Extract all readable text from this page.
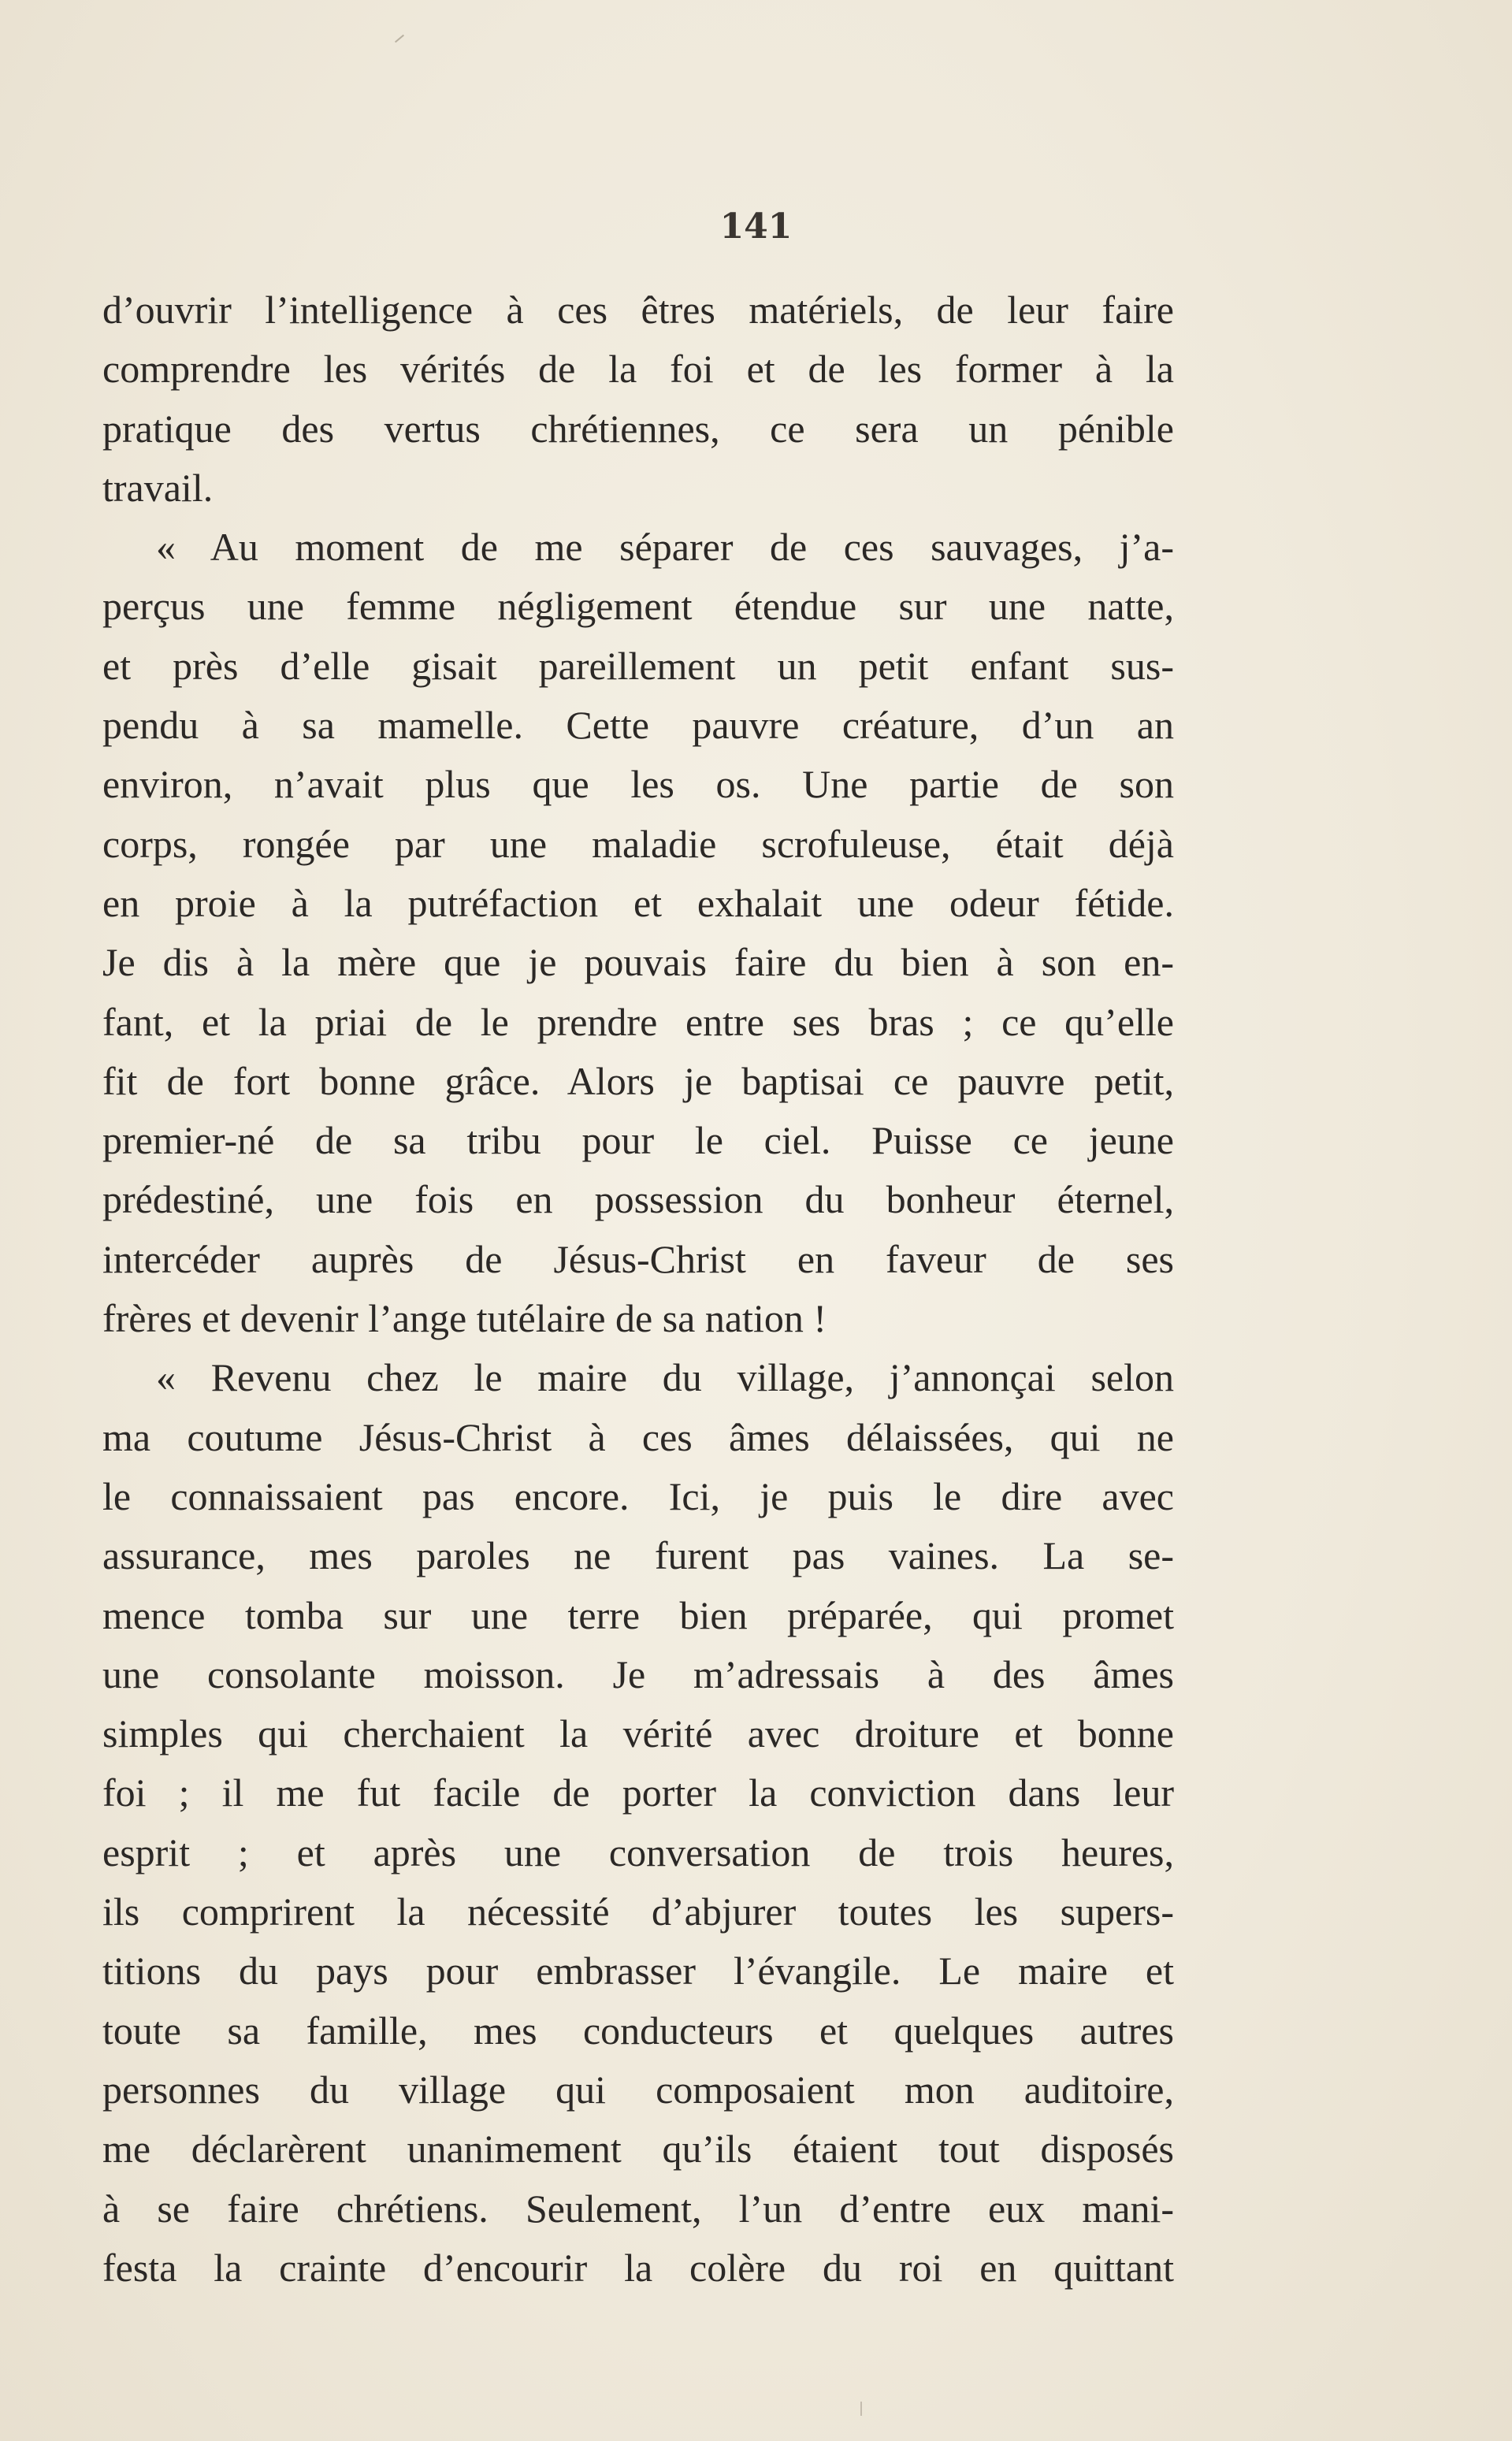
141

d’ouvrir l’intelligence à ces êtres matériels, de leur faire
comprendre les vérités de la foi et de les former à la
pratique des vertus chrétiennes, ce sera un pénible
travail.
« Au moment de me séparer de ces sauvages, j’a-
perçus une femme négligement étendue sur une natte,
et près d’elle gisait pareillement un petit enfant sus-
pendu à sa mamelle. Cette pauvre créature, d’un an
environ, n’avait plus que les os. Une partie de son
corps, rongée par une maladie scrofuleuse, était déjà
en proie à la putréfaction et exhalait une odeur fétide.
Je dis à la mère que je pouvais faire du bien à son en-
fant, et la priai de le prendre entre ses bras ; ce qu’elle
fit de fort bonne grâce. Alors je baptisai ce pauvre petit,
premier-né de sa tribu pour le ciel. Puisse ce jeune
prédestiné, une fois en possession du bonheur éternel,
intercéder auprès de Jésus-Christ en faveur de ses
frères et devenir l’ange tutélaire de sa nation !
« Revenu chez le maire du village, j’annonçai selon
ma coutume Jésus-Christ à ces âmes délaissées, qui ne
le connaissaient pas encore. Ici, je puis le dire avec
assurance, mes paroles ne furent pas vaines. La se-
mence tomba sur une terre bien préparée, qui promet
une consolante moisson. Je m’adressais à des âmes
simples qui cherchaient la vérité avec droiture et bonne
foi ; il me fut facile de porter la conviction dans leur
esprit ; et après une conversation de trois heures,
ils comprirent la nécessité d’abjurer toutes les supers-
titions du pays pour embrasser l’évangile. Le maire et
toute sa famille, mes conducteurs et quelques autres
personnes du village qui composaient mon auditoire,
me déclarèrent unanimement qu’ils étaient tout disposés
à se faire chrétiens. Seulement, l’un d’entre eux mani-
festa la crainte d’encourir la colère du roi en quittant
